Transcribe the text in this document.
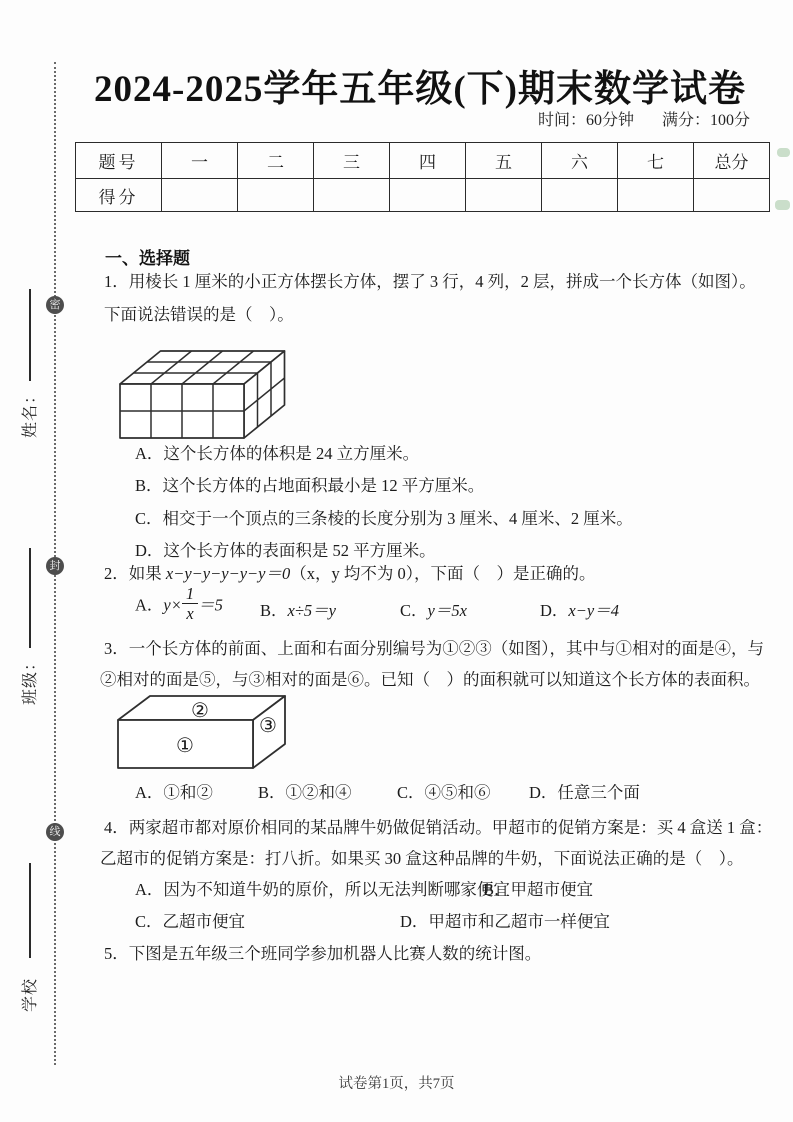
密
封
线
姓名：
班级：
学校
2024-2025学年五年级(下)期末数学试卷
时间：60分钟 满分：100分
题号	一	二	三	四	五	六	七	总分
得分								
一、选择题
1．用棱长 1 厘米的小正方体摆长方体，摆了 3 行，4 列，2 层，拼成一个长方体（如图）。
下面说法错误的是（　）。
A．这个长方体的体积是 24 立方厘米。
B．这个长方体的占地面积最小是 12 平方厘米。
C．相交于一个顶点的三条棱的长度分别为 3 厘米、4 厘米、2 厘米。
D．这个长方体的表面积是 52 平方厘米。
2．如果 x−y−y−y−y−y＝0（x，y 均不为 0），下面（　）是正确的。
A．$y\times \frac{1}{x} =5$ B．x÷5＝y	C．y＝5x	D．x−y＝4
3．一个长方体的前面、上面和右面分别编号为①②③（如图），其中与①相对的面是④，与
②相对的面是⑤，与③相对的面是⑥。已知（　）的面积就可以知道这个长方体的表面积。
②
①
③
A．①和②	B．①②和④	C．④⑤和⑥ D．任意三个面
4．两家超市都对原价相同的某品牌牛奶做促销活动。甲超市的促销方案是：买 4 盒送 1 盒：
乙超市的促销方案是：打八折。如果买 30 盒这种品牌的牛奶，下面说法正确的是（　）。
A．因为不知道牛奶的原价，所以无法判断哪家便宜
B．甲超市便宜
C．乙超市便宜	D．甲超市和乙超市一样便宜
5．下图是五年级三个班同学参加机器人比赛人数的统计图。
试卷第1页，共7页
